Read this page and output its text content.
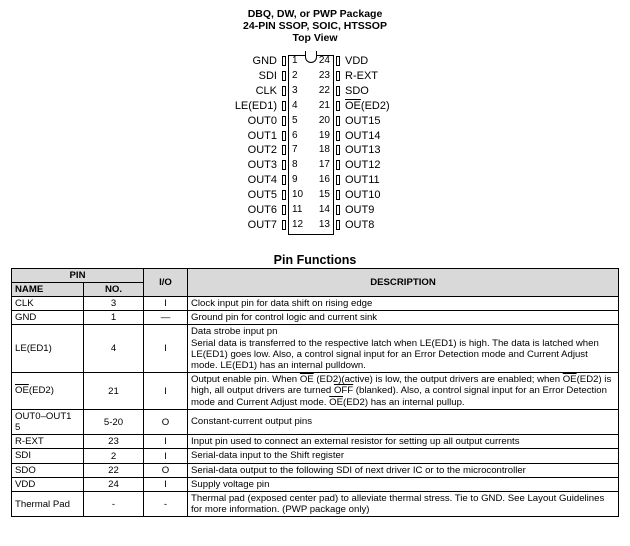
DBQ, DW, or PWP Package
24-PIN SSOP, SOIC, HTSSOP
Top View
GND 1
SDI 2
CLK 3
LE(ED1) 4
OUT0 5
OUT1 6
OUT2 7
OUT3 8
OUT4 9
OUT5 10
OUT6 11
OUT7 12
24 VDD
23 R-EXT
22 SDO
21 $\overline{OE}(ED2)$
20 OUT15
19 OUT14
18 OUT13
17 OUT12
16 OUT11
15 OUT10
14 OUT9
13 OUT8
Pin Functions
PIN		I/O	DESCRIPTION
NAME	NO.		
CLK	3	I	Clock input pin for data shift on rising edge

GND	1	—	Ground pin for control logic and current sink

LE(ED1)	4	I	Data strobe input pn
Serial data is transferred to the respective latch when LE(ED1) is high. The data is latched when LE(ED1) goes low. Also, a control signal input for an Error Detection mode and Current Adjust mode. LE(ED1) has an internal pulldown.

$\overline{OE}(ED2)$	21	I	Output enable pin. When $\overline{OE}$ (ED2)(active) is low, the output drivers are enabled; when $\overline{OE}(ED2)$ is high, all output drivers are turned $\overline{OFF}$ (blanked). Also, a control signal input for an Error Detection mode and Current Adjust mode. $\overline{OE}(ED2)$ has an internal pullup.

OUT0–OUT1
5	5-20	O	Constant-current output pins

R-EXT	23	I	Input pin used to connect an external resistor for setting up all output currents

SDI	2	I	Serial-data input to the Shift register

SDO	22	O	Serial-data output to the following SDI of next driver IC or to the microcontroller

VDD	24	I	Supply voltage pin

Thermal Pad	-	-	Thermal pad (exposed center pad) to alleviate thermal stress. Tie to GND. See Layout Guidelines for more information. (PWP package only)
